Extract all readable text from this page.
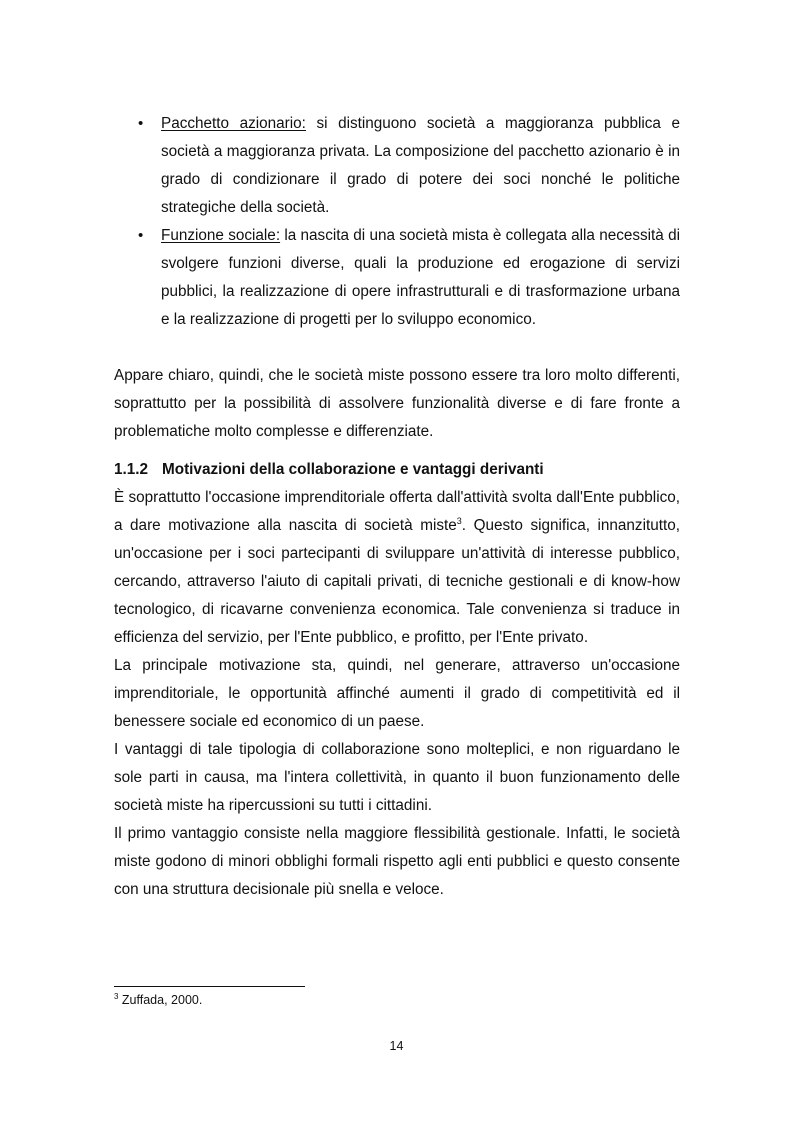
• Pacchetto azionario: si distinguono società a maggioranza pubblica e società a maggioranza privata. La composizione del pacchetto azionario è in grado di condizionare il grado di potere dei soci nonché le politiche strategiche della società.
• Funzione sociale: la nascita di una società mista è collegata alla necessità di svolgere funzioni diverse, quali la produzione ed erogazione di servizi pubblici, la realizzazione di opere infrastrutturali e di trasformazione urbana e la realizzazione di progetti per lo sviluppo economico.

Appare chiaro, quindi, che le società miste possono essere tra loro molto differenti, soprattutto per la possibilità di assolvere funzionalità diverse e di fare fronte a problematiche molto complesse e differenziate.

1.1.2 Motivazioni della collaborazione e vantaggi derivanti

È soprattutto l'occasione imprenditoriale offerta dall'attività svolta dall'Ente pubblico, a dare motivazione alla nascita di società miste$^3$. Questo significa, innanzitutto, un'occasione per i soci partecipanti di sviluppare un'attività di interesse pubblico, cercando, attraverso l'aiuto di capitali privati, di tecniche gestionali e di know-how tecnologico, di ricavarne convenienza economica. Tale convenienza si traduce in efficienza del servizio, per l'Ente pubblico, e profitto, per l'Ente privato.

La principale motivazione sta, quindi, nel generare, attraverso un'occasione imprenditoriale, le opportunità affinché aumenti il grado di competitività ed il benessere sociale ed economico di un paese.

I vantaggi di tale tipologia di collaborazione sono molteplici, e non riguardano le sole parti in causa, ma l'intera collettività, in quanto il buon funzionamento delle società miste ha ripercussioni su tutti i cittadini.

Il primo vantaggio consiste nella maggiore flessibilità gestionale. Infatti, le società miste godono di minori obblighi formali rispetto agli enti pubblici e questo consente con una struttura decisionale più snella e veloce.

$^3$ Zuffada, 2000.
14
